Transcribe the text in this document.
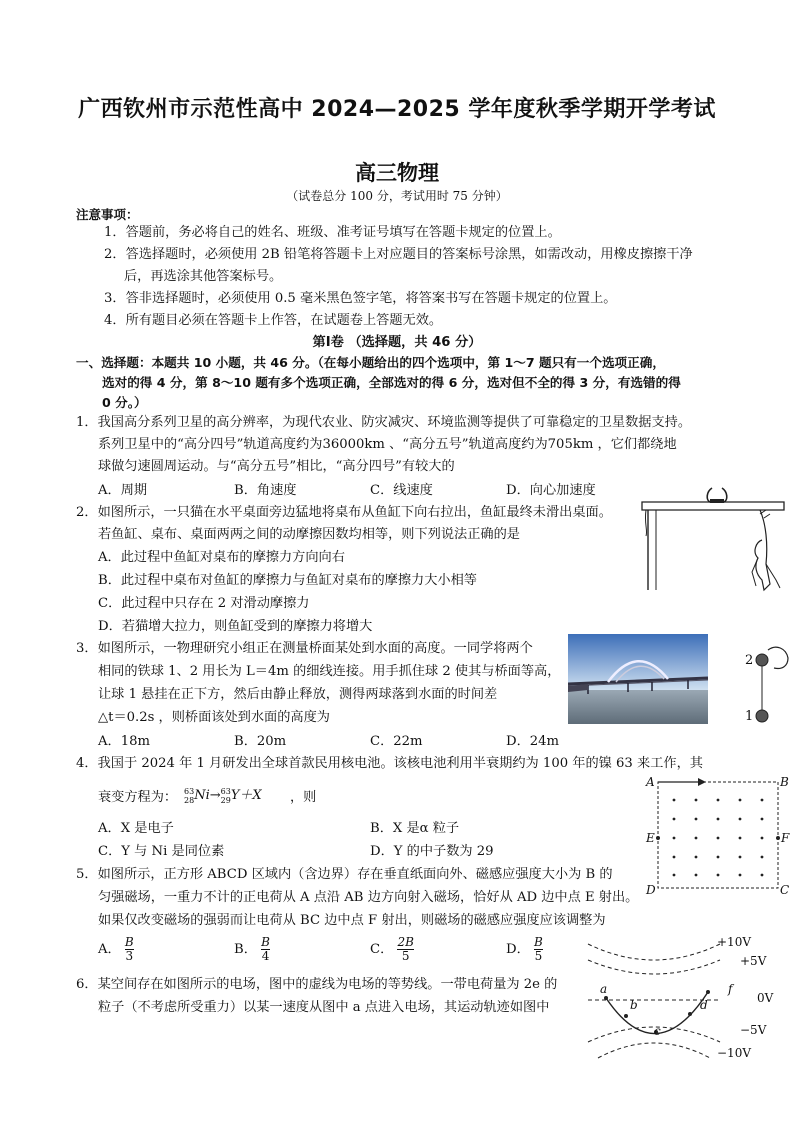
广西钦州市示范性高中 2024—2025 学年度秋季学期开学考试
高三物理
（试卷总分 100 分，考试用时 75 分钟）
注意事项：
1．答题前，务必将自己的姓名、班级、准考证号填写在答题卡规定的位置上。
2．答选择题时，必须使用 2B 铅笔将答题卡上对应题目的答案标号涂黑，如需改动，用橡皮擦擦干净
后，再选涂其他答案标号。
3．答非选择题时，必须使用 0.5 毫米黑色签字笔，将答案书写在答题卡规定的位置上。
4．所有题目必须在答题卡上作答，在试题卷上答题无效。
第Ⅰ卷 （选择题，共 46 分）
一、选择题：本题共 10 小题，共 46 分。（在每小题给出的四个选项中，第 1～7 题只有一个选项正确，
选对的得 4 分，第 8～10 题有多个选项正确，全部选对的得 6 分，选对但不全的得 3 分，有选错的得
0 分。）
1．我国高分系列卫星的高分辨率，为现代农业、防灾减灾、环境监测等提供了可靠稳定的卫星数据支持。
系列卫星中的“高分四号”轨道高度约为36000km 、“高分五号”轨道高度约为705km ，它们都绕地
球做匀速圆周运动。与“高分五号”相比，“高分四号”有较大的
A．周期	B．角速度	C．线速度	D．向心加速度
2．如图所示，一只猫在水平桌面旁边猛地将桌布从鱼缸下向右拉出，鱼缸最终未滑出桌面。
若鱼缸、桌布、桌面两两之间的动摩擦因数均相等，则下列说法正确的是
A．此过程中鱼缸对桌布的摩擦力方向向右
B．此过程中桌布对鱼缸的摩擦力与鱼缸对桌布的摩擦力大小相等
C．此过程中只存在 2 对滑动摩擦力
D．若猫增大拉力，则鱼缸受到的摩擦力将增大
3．如图所示，一物理研究小组正在测量桥面某处到水面的高度。一同学将两个
相同的铁球 1、2 用长为 L＝4m 的细线连接。用手抓住球 2 使其与桥面等高，
让球 1 悬挂在正下方，然后由静止释放，测得两球落到水面的时间差
△t＝0.2s ，则桥面该处到水面的高度为
A．18m	B．20m	C．22m	D．24m
2
1
4．我国于 2024 年 1 月研发出全球首款民用核电池。该核电池利用半衰期约为 100 年的镍 63 来工作，其
衰变方程为： 63
28 Ni→ 63
29 Y＋X ，则
A．X 是电子	B．X 是α 粒子
C．Y 与 Ni 是同位素	D．Y 的中子数为 29
A	B
C
D
E	F
5．如图所示，正方形 ABCD 区域内（含边界）存在垂直纸面向外、磁感应强度大小为 B 的
匀强磁场，一重力不计的正电荷从 A 点沿 AB 边方向射入磁场，恰好从 AD 边中点 E 射出。
如果仅改变磁场的强弱而让电荷从 BC 边中点 F 射出，则磁场的磁感应强度应该调整为
A． $\frac{B}{3}$	B． $\frac{B}{4}$	C． $\frac{2B}{5}$	D． $\frac{B}{5}$
6．某空间存在如图所示的电场，图中的虚线为电场的等势线。一带电荷量为 2e 的
粒子（不考虑所受重力）以某一速度从图中 a 点进入电场，其运动轨迹如图中
a
b
c
d
f
+10V
+5V
0V
−5V
−10V
